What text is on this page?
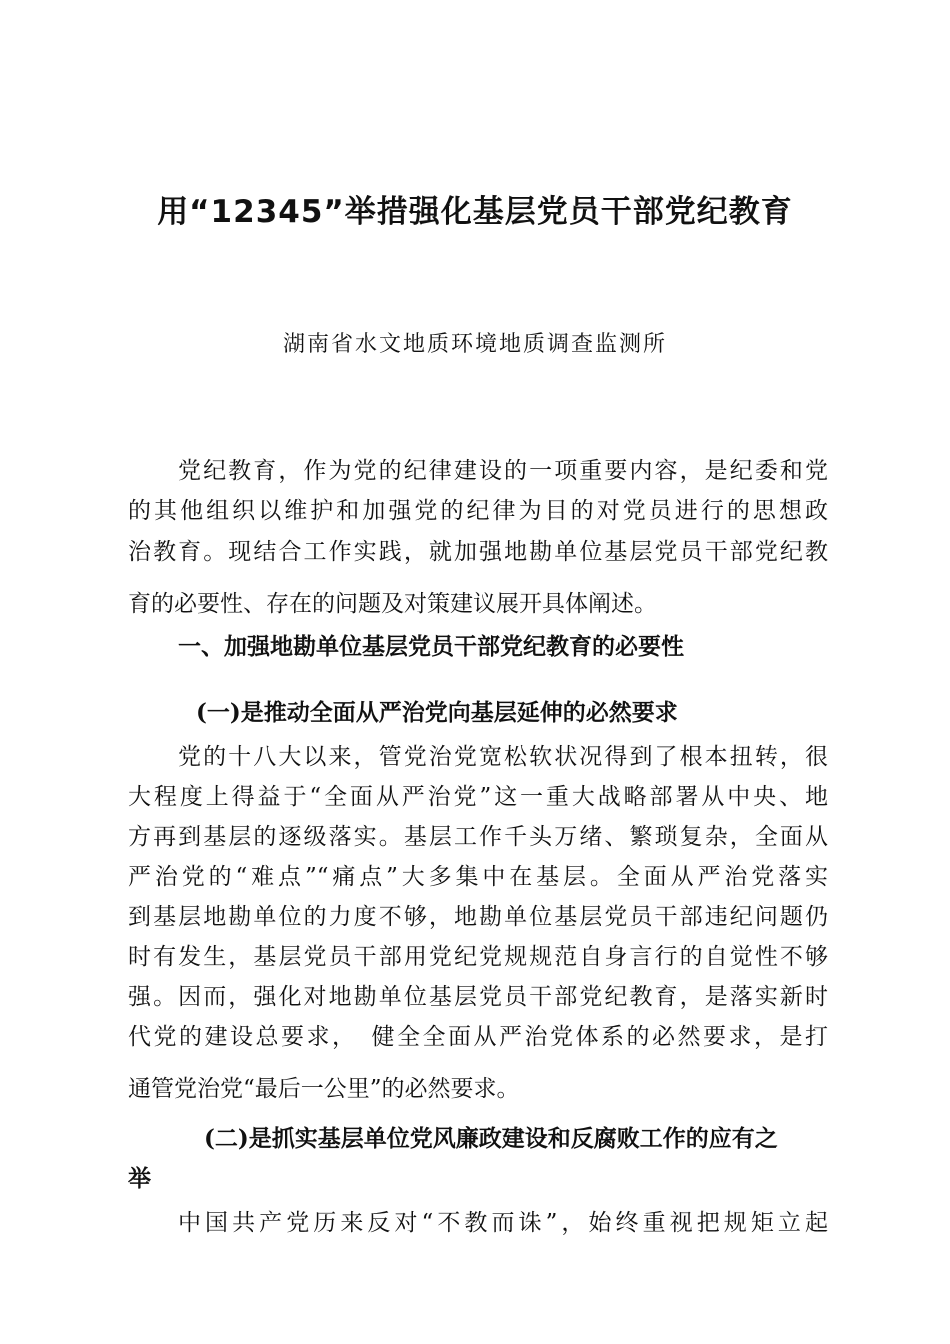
用“12345”举措强化基层党员干部党纪教育
湖南省水文地质环境地质调查监测所
党纪教育，作为党的纪律建设的一项重要内容，是纪委和党
的其他组织以维护和加强党的纪律为目的对党员进行的思想政
治教育。现结合工作实践，就加强地勘单位基层党员干部党纪教
育的必要性、存在的问题及对策建议展开具体阐述。
一、加强地勘单位基层党员干部党纪教育的必要性
(一)是推动全面从严治党向基层延伸的必然要求
党的十八大以来，管党治党宽松软状况得到了根本扭转，很
大程度上得益于“全面从严治党”这一重大战略部署从中央、地
方再到基层的逐级落实。基层工作千头万绪、繁琐复杂，全面从
严治党的“难点”“痛点”大多集中在基层。全面从严治党落实
到基层地勘单位的力度不够，地勘单位基层党员干部违纪问题仍
时有发生，基层党员干部用党纪党规规范自身言行的自觉性不够
强。因而，强化对地勘单位基层党员干部党纪教育，是落实新时
代党的建设总要求，　健全全面从严治党体系的必然要求，是打
通管党治党“最后一公里”的必然要求。
(二)是抓实基层单位党风廉政建设和反腐败工作的应有之
举
中国共产党历来反对“不教而诛”，始终重视把规矩立起
